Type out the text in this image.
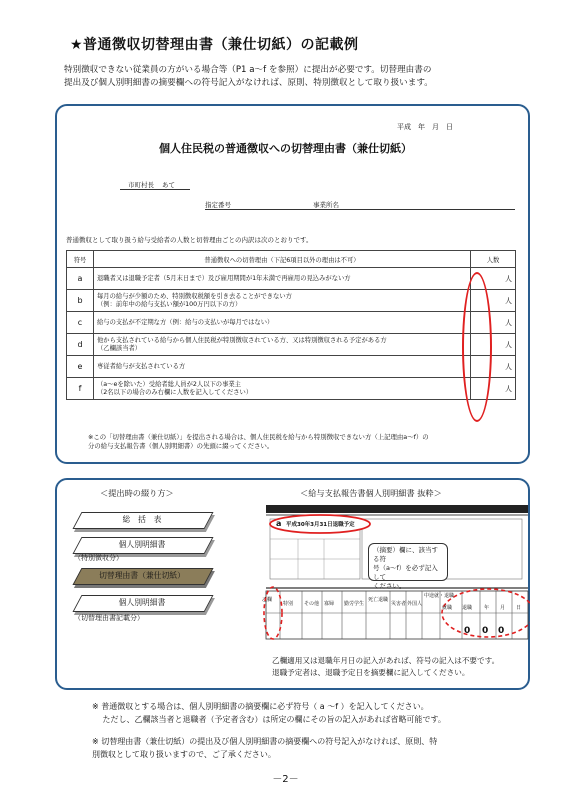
★普通徴収切替理由書（兼仕切紙）の記載例
特別徴収できない従業員の方がいる場合等（P1 a〜f を参照）に提出が必要です。切替理由書の
提出及び個人別明細書の摘要欄への符号記入がなければ、原則、特別徴収として取り扱います。
平成　年　月　日
個人住民税の普通徴収への切替理由書（兼仕切紙）
市町村長 あて
指定番号	事業所名
普通徴収として取り扱う給与受給者の人数と切替理由ごとの内訳は次のとおりです。
符号	普通徴収への切替理由（下記6項目以外の理由は不可）	人数
a	退職者又は退職予定者（5月末日まで）及び雇用期間が1年未満で再雇用の見込みがない方	人
b	毎月の給与が少額のため、特別徴収税額を引き去ることができない方
（例：前年中の給与支払い額が100万円以下の方）	人
c	給与の支払が不定期な方（例：給与の支払いが毎月ではない）	人
d	他から支払されている給与から個人住民税が特別徴収されている方、又は特別徴収される予定がある方
（乙欄該当者）	人
e	専従者給与が支払されている方	人
f	（a〜eを除いた）受給者総人員が2人以下の事業主
（2名以下の場合のみ右欄に人数を記入してください）	人
※この「切替理由書（兼仕切紙）」を提出される場合は、個人住民税を給与から特別徴収できない方（上記理由a〜f）の
分の給与支払報告書（個人別明細書）の先頭に綴ってください。
＜提出時の綴り方＞	＜給与支払報告書個人別明細書 抜粋＞
総　括　表
個人別明細書
（特別徴収分）
切替理由書（兼仕切紙）
個人別明細書
（切替理由書記載分）
a 平成30年3月31日退職予定
乙欄
特別 その他 寡婦 勤労学生
死亡退職
災害者 外国人
中途就・退職
就職 退職 年 月 日
0 0 0
（摘要）欄に、該当する符
号（a〜f）を必ず記入して
ください。
乙欄適用又は退職年月日の記入があれば、符号の記入は不要です。
退職予定者は、退職予定日を摘要欄に記入してください。
※ 普通徴収とする場合は、個人別明細書の摘要欄に必ず符号（ a 〜f ）を記入してください。
　 ただし、乙欄該当者と退職者（予定者含む）は所定の欄にその旨の記入があれば省略可能です。
※ 切替理由書（兼仕切紙）の提出及び個人別明細書の摘要欄への符号記入がなければ、原則、特
別徴収として取り扱いますので、ご了承ください。
－2－
